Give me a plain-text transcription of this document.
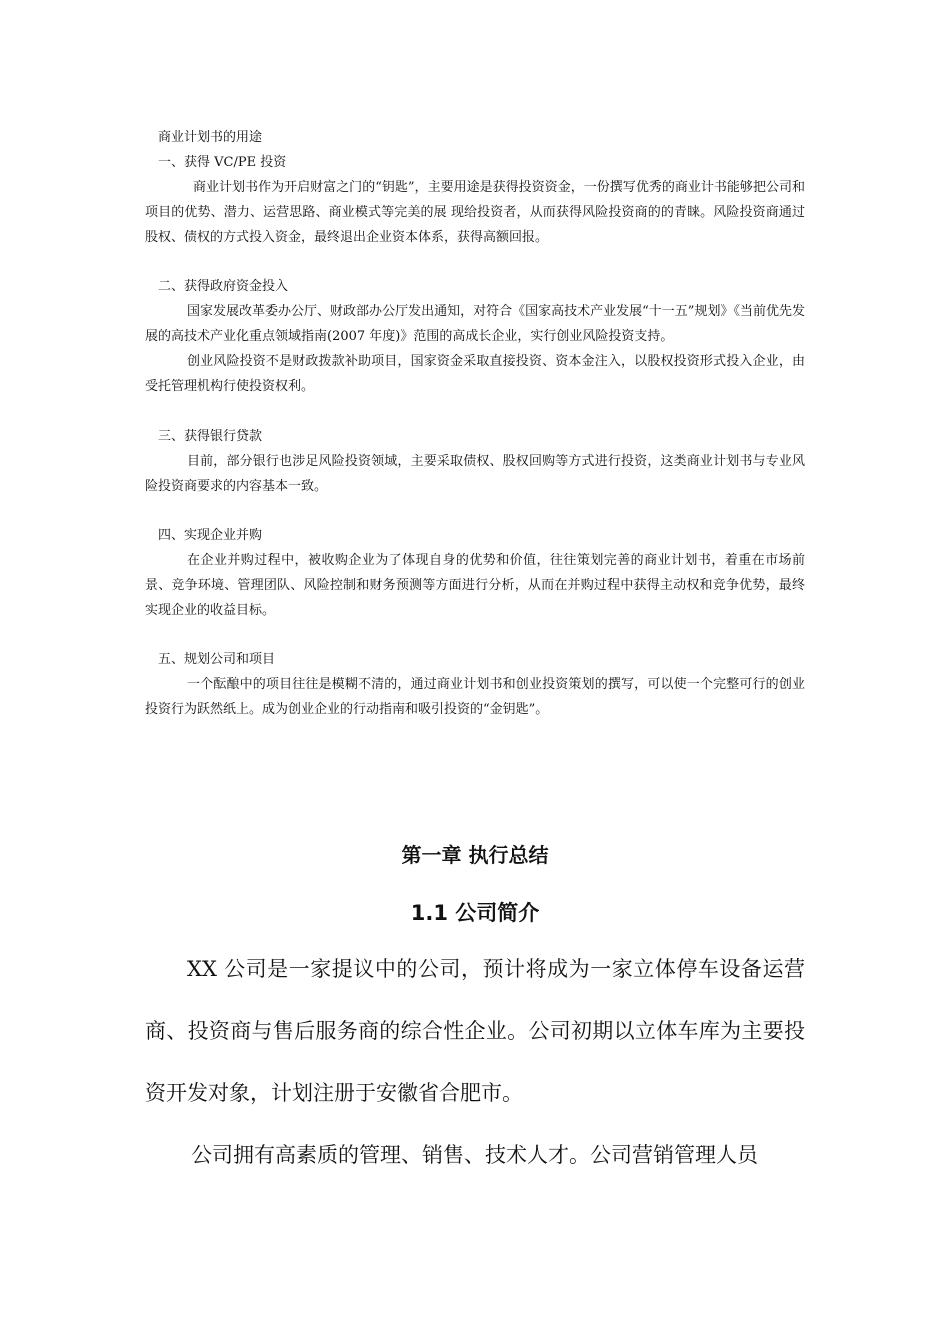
商业计划书的用途

一、获得 VC/PE 投资

商业计划书作为开启财富之门的“钥匙”，主要用途是获得投资资金，一份撰写优秀的商业计书能够把公司和项目的优势、潜力、运营思路、商业模式等完美的展 现给投资者，从而获得风险投资商的的青睐。风险投资商通过股权、债权的方式投入资金，最终退出企业资本体系，获得高额回报。

二、获得政府资金投入

国家发展改革委办公厅、财政部办公厅发出通知，对符合《国家高技术产业发展“十一五”规划》《当前优先发展的高技术产业化重点领域指南(2007 年度)》范围的高成长企业，实行创业风险投资支持。

创业风险投资不是财政拨款补助项目，国家资金采取直接投资、资本金注入，以股权投资形式投入企业，由受托管理机构行使投资权利。

三、获得银行贷款

目前，部分银行也涉足风险投资领域，主要采取债权、股权回购等方式进行投资，这类商业计划书与专业风险投资商要求的内容基本一致。

四、实现企业并购

在企业并购过程中，被收购企业为了体现自身的优势和价值，往往策划完善的商业计划书，着重在市场前景、竞争环境、管理团队、风险控制和财务预测等方面进行分析，从而在并购过程中获得主动权和竞争优势，最终实现企业的收益目标。

五、规划公司和项目

一个酝酿中的项目往往是模糊不清的，通过商业计划书和创业投资策划的撰写，可以使一个完整可行的创业投资行为跃然纸上。成为创业企业的行动指南和吸引投资的“金钥匙”。

第一章 执行总结
1.1 公司简介

XX 公司是一家提议中的公司，预计将成为一家立体停车设备运营商、投资商与售后服务商的综合性企业。公司初期以立体车库为主要投资开发对象，计划注册于安徽省合肥市。

公司拥有高素质的管理、销售、技术人才。公司营销管理人员
